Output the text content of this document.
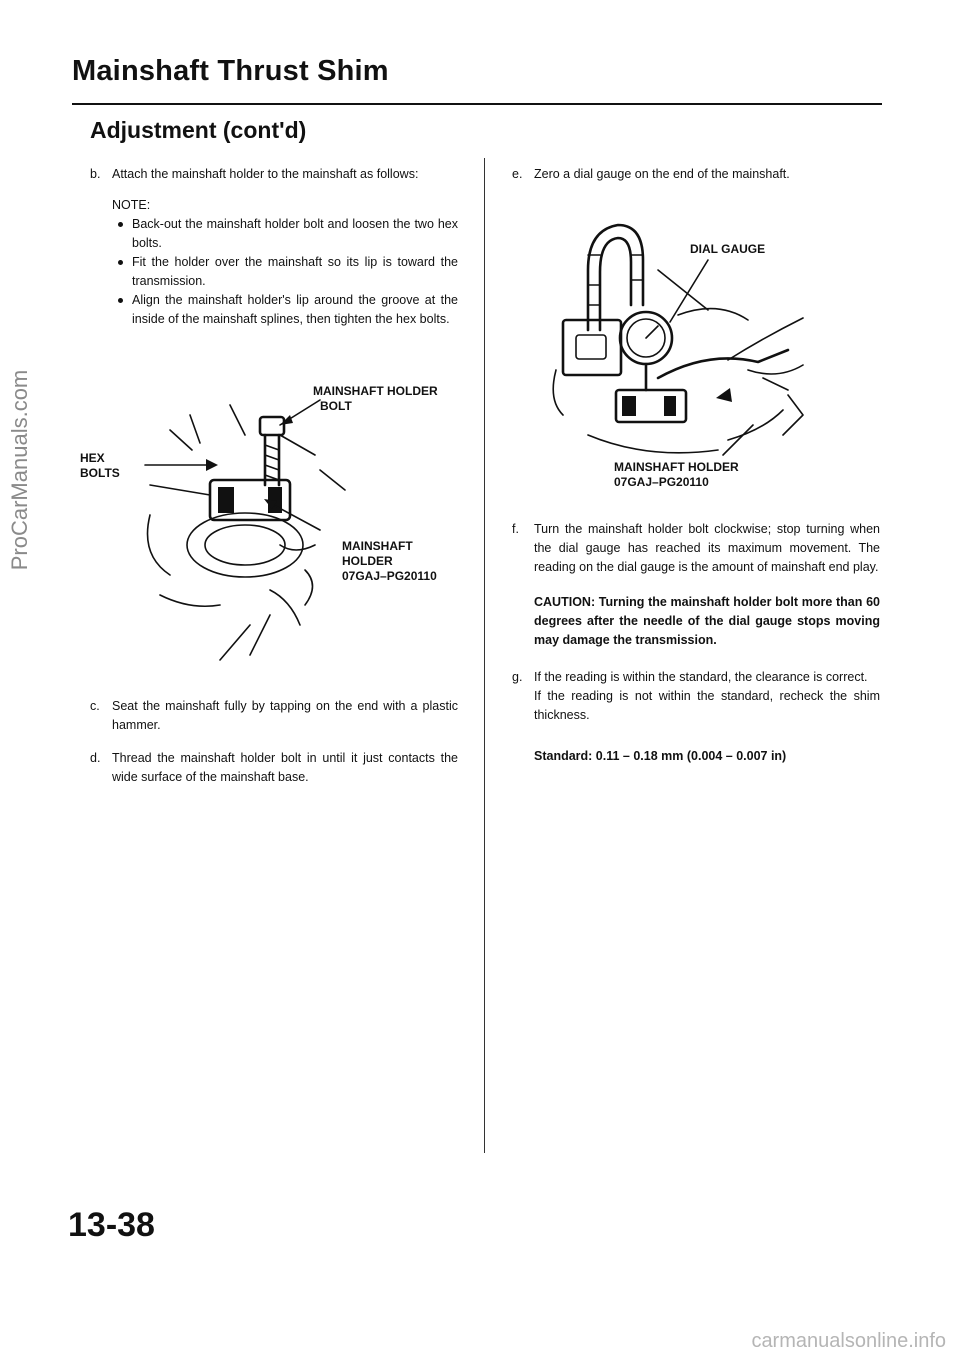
ProCarManuals.com
Mainshaft Thrust Shim
Adjustment (cont'd)
b. Attach the mainshaft holder to the mainshaft as follows:
NOTE:
Back-out the mainshaft holder bolt and loosen the two hex bolts.
Fit the holder over the mainshaft so its lip is toward the transmission.
Align the mainshaft holder's lip around the groove at the inside of the mainshaft splines, then tighten the hex bolts.
MAINSHAFT HOLDER
BOLT
HEX
BOLTS
MAINSHAFT
HOLDER
07GAJ–PG20110
c. Seat the mainshaft fully by tapping on the end with a plastic hammer.
d. Thread the mainshaft holder bolt in until it just contacts the wide surface of the mainshaft base.
e. Zero a dial gauge on the end of the mainshaft.
DIAL GAUGE
MAINSHAFT HOLDER
07GAJ–PG20110
f.	Turn the mainshaft holder bolt clockwise; stop turning when the dial gauge has reached its maximum movement. The reading on the dial gauge is the amount of mainshaft end play.
CAUTION: Turning the mainshaft holder bolt more than 60 degrees after the needle of the dial gauge stops moving may damage the transmission.
g. If the reading is within the standard, the clearance is correct.
If the reading is not within the standard, recheck the shim thickness.
Standard: 0.11 – 0.18 mm (0.004 – 0.007 in)
13-38
carmanualsonline.info
